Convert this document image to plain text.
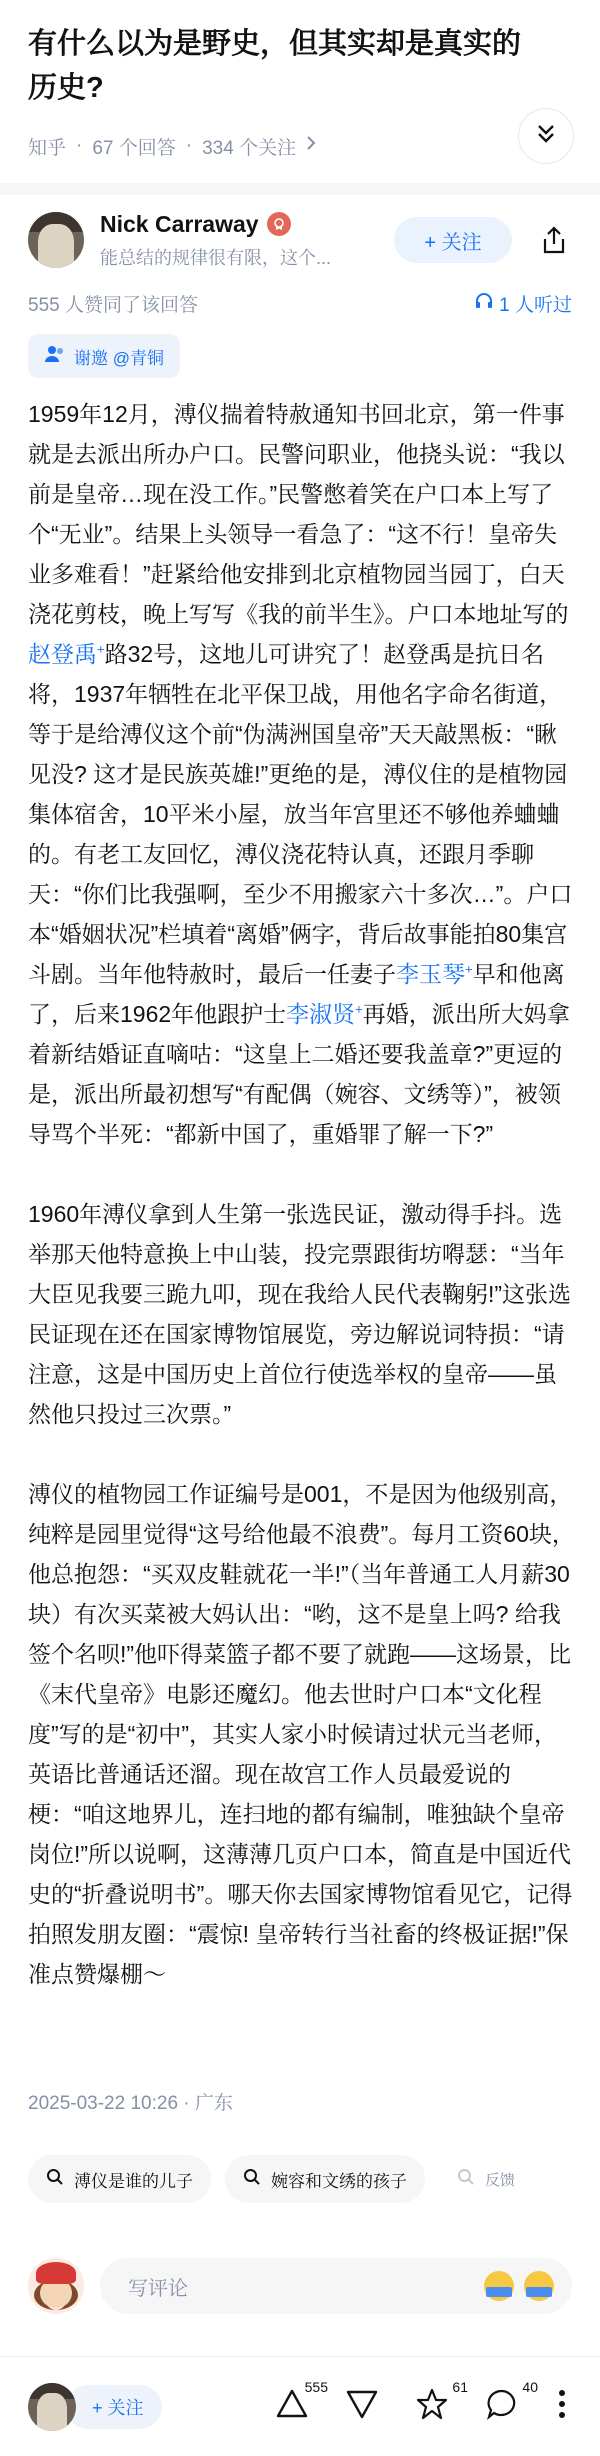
有什么以为是野史，但其实却是真实的历史?
知乎 · 67 个回答 · 334 个关注
Nick Carraway
能总结的规律很有限，这个...
+ 关注
555 人赞同了该回答	1 人听过
谢邀 @青铜

1959年12月，溥仪揣着特赦通知书回北京，第一件事就是去派出所办户口。民警问职业，他挠头说：“我以前是皇帝…现在没工作。”民警憋着笑在户口本上写了个“无业”。结果上头领导一看急了：“这不行！皇帝失业多难看！”赶紧给他安排到北京植物园当园丁，白天浇花剪枝，晚上写写《我的前半生》。户口本地址写的赵登禹+路32号，这地儿可讲究了！赵登禹是抗日名将，1937年牺牲在北平保卫战，用他名字命名街道，等于是给溥仪这个前“伪满洲国皇帝”天天敲黑板：“瞅见没? 这才是民族英雄!”更绝的是，溥仪住的是植物园集体宿舍，10平米小屋，放当年宫里还不够他养蛐蛐的。有老工友回忆，溥仪浇花特认真，还跟月季聊天：“你们比我强啊，至少不用搬家六十多次…”。户口本“婚姻状况”栏填着“离婚”俩字，背后故事能拍80集宫斗剧。当年他特赦时，最后一任妻子李玉琴+早和他离了，后来1962年他跟护士李淑贤+再婚，派出所大妈拿着新结婚证直嘀咕：“这皇上二婚还要我盖章?”更逗的是，派出所最初想写“有配偶（婉容、文绣等）”，被领导骂个半死：“都新中国了，重婚罪了解一下?”

1960年溥仪拿到人生第一张选民证，激动得手抖。选举那天他特意换上中山装，投完票跟街坊嘚瑟：“当年大臣见我要三跪九叩，现在我给人民代表鞠躬!”这张选民证现在还在国家博物馆展览，旁边解说词特损：“请注意，这是中国历史上首位行使选举权的皇帝——虽然他只投过三次票。”

溥仪的植物园工作证编号是001，不是因为他级别高，纯粹是园里觉得“这号给他最不浪费”。每月工资60块，他总抱怨：“买双皮鞋就花一半!”（当年普通工人月薪30块）有次买菜被大妈认出：“哟，这不是皇上吗? 给我签个名呗!”他吓得菜篮子都不要了就跑——这场景，比《末代皇帝》电影还魔幻。他去世时户口本“文化程度”写的是“初中”，其实人家小时候请过状元当老师，英语比普通话还溜。现在故宫工作人员最爱说的梗：“咱这地界儿，连扫地的都有编制，唯独缺个皇帝岗位!”所以说啊，这薄薄几页户口本，简直是中国近代史的“折叠说明书”。哪天你去国家博物馆看见它，记得拍照发朋友圈：“震惊! 皇帝转行当社畜的终极证据!”保准点赞爆棚～

2025-03-22 10:26 · 广东
溥仪是谁的儿子	婉容和文绣的孩子	反馈
写评论
+ 关注
555	61	40
